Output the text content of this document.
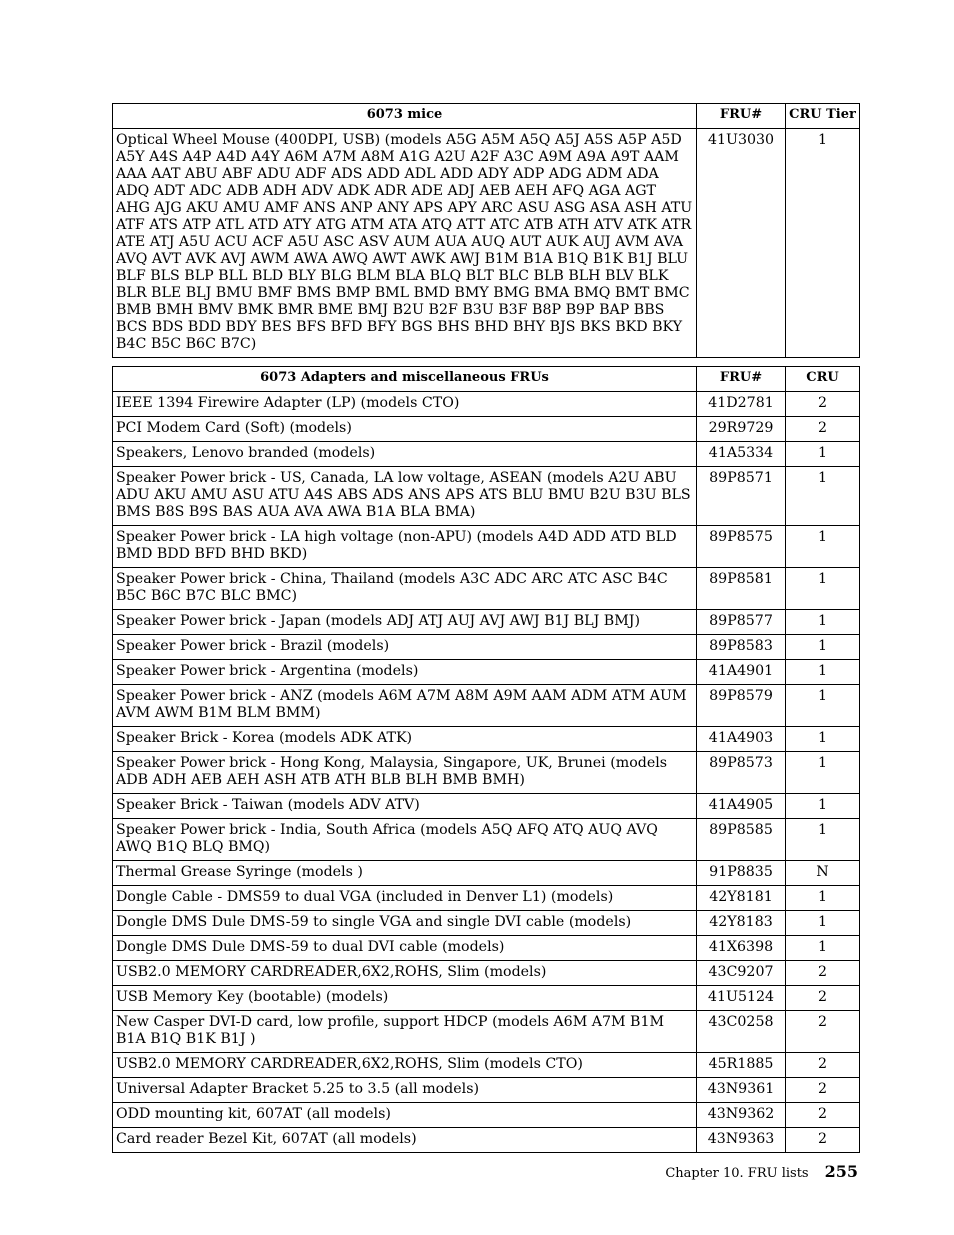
6073 mice	FRU#	CRU Tier
Optical Wheel Mouse (400DPI, USB) (models A5G A5M A5Q A5J A5S A5P A5D A5Y A4S A4P A4D A4Y A6M A7M A8M A1G A2U A2F A3C A9M A9A A9T AAM AAA AAT ABU ABF ADU ADF ADS ADD ADL ADD ADY ADP ADG ADM ADA ADQ ADT ADC ADB ADH ADV ADK ADR ADE ADJ AEB AEH AFQ AGA AGT AHG AJG AKU AMU AMF ANS ANP ANY APS APY ARC ASU ASG ASA ASH ATU ATF ATS ATP ATL ATD ATY ATG ATM ATA ATQ ATT ATC ATB ATH ATV ATK ATR ATE ATJ A5U ACU ACF A5U ASC ASV AUM AUA AUQ AUT AUK AUJ AVM AVA AVQ AVT AVK AVJ AWM AWA AWQ AWT AWK AWJ B1M B1A B1Q B1K B1J BLU BLF BLS BLP BLL BLD BLY BLG BLM BLA BLQ BLT BLC BLB BLH BLV BLK BLR BLE BLJ BMU BMF BMS BMP BML BMD BMY BMG BMA BMQ BMT BMC BMB BMH BMV BMK BMR BME BMJ B2U B2F B3U B3F B8P B9P BAP BBS BCS BDS BDD BDY BES BFS BFD BFY BGS BHS BHD BHY BJS BKS BKD BKY B4C B5C B6C B7C)	41U3030	1
6073 Adapters and miscellaneous FRUs	FRU#	CRU
IEEE 1394 Firewire Adapter (LP) (models CTO)	41D2781	2
PCI Modem Card (Soft) (models)	29R9729	2
Speakers, Lenovo branded (models)	41A5334	1
Speaker Power brick - US, Canada, LA low voltage, ASEAN (models A2U ABU ADU AKU AMU ASU ATU A4S ABS ADS ANS APS ATS BLU BMU B2U B3U BLS BMS B8S B9S BAS AUA AVA AWA B1A BLA BMA)	89P8571	1
Speaker Power brick - LA high voltage (non-APU) (models A4D ADD ATD BLD BMD BDD BFD BHD BKD)	89P8575	1
Speaker Power brick - China, Thailand (models A3C ADC ARC ATC ASC B4C B5C B6C B7C BLC BMC)	89P8581	1
Speaker Power brick - Japan (models ADJ ATJ AUJ AVJ AWJ B1J BLJ BMJ)	89P8577	1
Speaker Power brick - Brazil (models)	89P8583	1
Speaker Power brick - Argentina (models)	41A4901	1
Speaker Power brick - ANZ (models A6M A7M A8M A9M AAM ADM ATM AUM AVM AWM B1M BLM BMM)	89P8579	1
Speaker Brick - Korea (models ADK ATK)	41A4903	1
Speaker Power brick - Hong Kong, Malaysia, Singapore, UK, Brunei (models ADB ADH AEB AEH ASH ATB ATH BLB BLH BMB BMH)	89P8573	1
Speaker Brick - Taiwan (models ADV ATV)	41A4905	1
Speaker Power brick - India, South Africa (models A5Q AFQ ATQ AUQ AVQ AWQ B1Q BLQ BMQ)	89P8585	1
Thermal Grease Syringe (models )	91P8835	N
Dongle Cable - DMS59 to dual VGA (included in Denver L1) (models)	42Y8181	1
Dongle DMS Dule DMS-59 to single VGA and single DVI cable (models)	42Y8183	1
Dongle DMS Dule DMS-59 to dual DVI cable (models)	41X6398	1
USB2.0 MEMORY CARDREADER,6X2,ROHS, Slim (models)	43C9207	2
USB Memory Key (bootable) (models)	41U5124	2
New Casper DVI-D card, low profile, support HDCP (models A6M A7M B1M B1A B1Q B1K B1J )	43C0258	2
USB2.0 MEMORY CARDREADER,6X2,ROHS, Slim (models CTO)	45R1885	2
Universal Adapter Bracket 5.25 to 3.5 (all models)	43N9361	2
ODD mounting kit, 607AT (all models)	43N9362	2
Card reader Bezel Kit, 607AT (all models)	43N9363	2
Chapter 10. FRU lists 255
